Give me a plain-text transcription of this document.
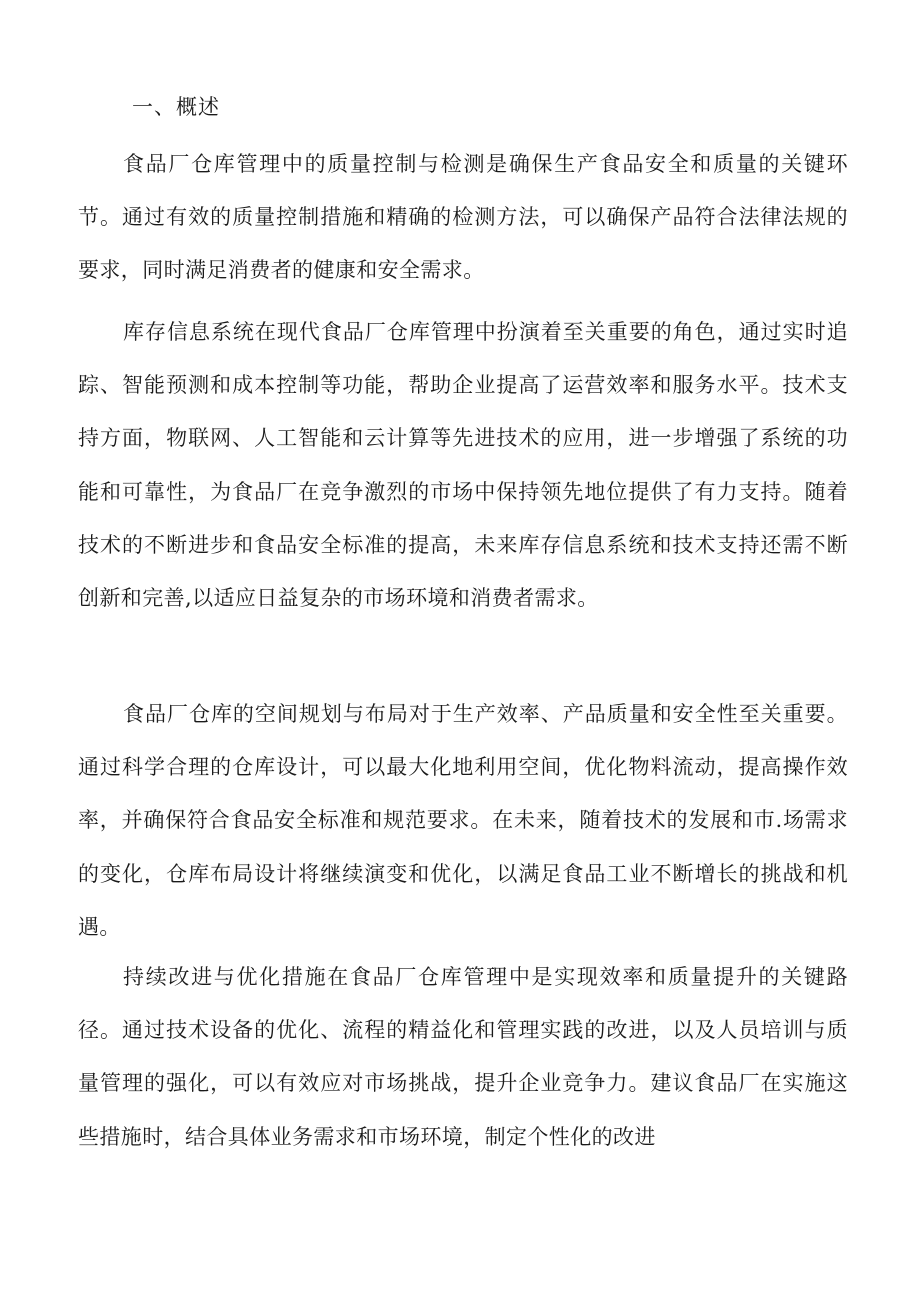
一、概述

食品厂仓库管理中的质量控制与检测是确保生产食品安全和质量的关键环节。通过有效的质量控制措施和精确的检测方法，可以确保产品符合法律法规的要求，同时满足消费者的健康和安全需求。

库存信息系统在现代食品厂仓库管理中扮演着至关重要的角色，通过实时追踪、智能预测和成本控制等功能，帮助企业提高了运营效率和服务水平。技术支持方面，物联网、人工智能和云计算等先进技术的应用，进一步增强了系统的功能和可靠性，为食品厂在竞争激烈的市场中保持领先地位提供了有力支持。随着技术的不断进步和食品安全标准的提高，未来库存信息系统和技术支持还需不断创新和完善,以适应日益复杂的市场环境和消费者需求。

食品厂仓库的空间规划与布局对于生产效率、产品质量和安全性至关重要。通过科学合理的仓库设计，可以最大化地利用空间，优化物料流动，提高操作效率，并确保符合食品安全标准和规范要求。在未来，随着技术的发展和巿.场需求的变化，仓库布局设计将继续演变和优化，以满足食品工业不断增长的挑战和机遇。

持续改进与优化措施在食品厂仓库管理中是实现效率和质量提升的关键路径。通过技术设备的优化、流程的精益化和管理实践的改进，以及人员培训与质量管理的强化，可以有效应对市场挑战，提升企业竞争力。建议食品厂在实施这些措施时，结合具体业务需求和市场环境，制定个性化的改进
